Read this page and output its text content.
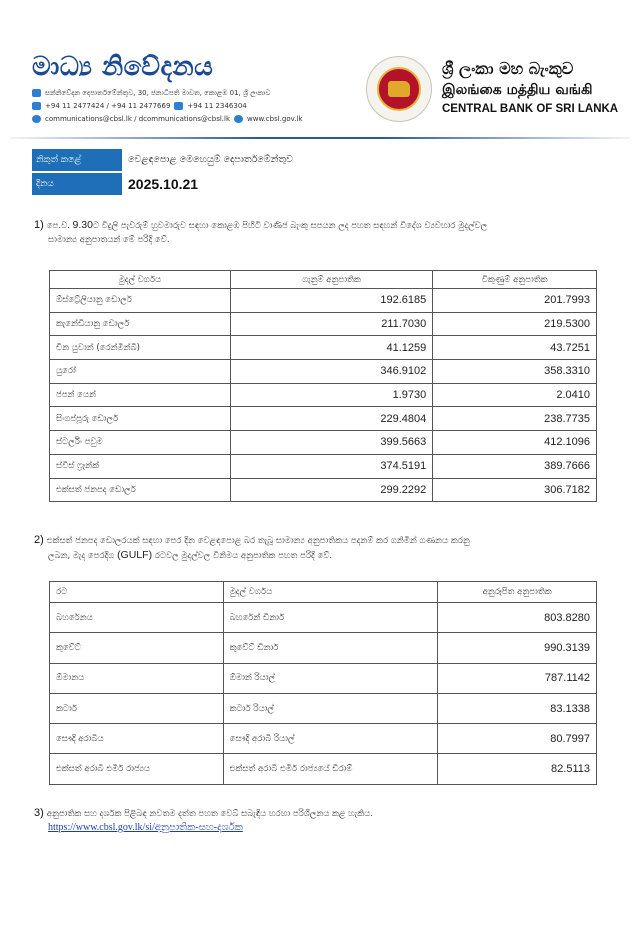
මාධ්‍ය නිවේදනය
සන්නිවේදන දෙපාර්තමේන්තුව, 30, ජනාධිපති මාවත, කොළඹ 01, ශ්‍රී ලංකාව
+94 11 2477424 / +94 11 2477669 +94 11 2346304
communications@cbsl.lk / dcommunications@cbsl.lk www.cbsl.gov.lk
ශ්‍රී ලංකා මහ බැංකුව
இலங்கை மத்திய வங்கி
CENTRAL BANK OF SRI LANKA
නිකුත් කළේ	වෙළඳපොළ මෙහෙයුම් දෙපාර්තමේන්තුව
දිනය	2025.10.21
1) පෙ.ව. 9.30ට විදුලි පැවරුම් හුවමාරුව සඳහා කොළඹ පිහිටි වාණිජ බැංකු සපයන ලද පහත සඳහන් විදේශ ව්‍යවහාර මුදල්වල
සාමාන්‍ය අනුපාතයන් මේ පරිදි වේ.
මුදල් වර්ගය	ගැනුම් අනුපාතික	විකුණුම් අනුපාතික
ඕස්ට්‍රේලියානු ඩොලර්	192.6185	201.7993
කැනේඩියානු ඩොලර්	211.7030	219.5300
චීන යුවාන් (රෙන්මින්බි)	41.1259	43.7251
යුරෝ	346.9102	358.3310
ජපන් යෙන්	1.9730	2.0410
සිංගප්පූරු ඩොලර්	229.4804	238.7735
ස්ටර්ලිං පවුම	399.5663	412.1096
ස්විස් ෆ්‍රෑන්ක්	374.5191	389.7666
එක්සත් ජනපද ඩොලර්	299.2292	306.7182
2) එක්සත් ජනපද ඩොලරයක් සඳහා පෙර දින වෙළඳපොළ බර තැබූ සාමාන්‍ය අනුපාතිකය පදනම් කර ගනිමින් ගණනය කරනු
ලබන, මැද පෙරදිග (GULF) රටවල මුදල්වල විනිමය අනුපාතික පහත පරිදි වේ.
රට	මුදල් වර්ගය	අනුරූපිත අනුපාතික
බහරේනය	බහරේන් ඩිනාර්	803.8280
කුවේට්	කුවේට් ඩිනාර්	990.3139
ඕමානය	ඕමාන් රියාල්	787.1142
කටාර්	කටාර් රියාල්	83.1338
සෞදි අරාබිය	සෞදි අරාබි රියාල්	80.7997
එක්සත් අරාබි එමීර් රාජ්‍යය	එක්සත් අරාබි එමීර් රාජ්‍යයේ ඩිරාම්	82.5113
3) අනුපාතික සහ දර්ශක පිළිබඳ නවතම දත්ත පහත වෙබ් සබැඳිය හරහා පරිශීලනය කළ හැකිය.
https://www.cbsl.gov.lk/si/අනුපාතික-සහ-දර්ශක
